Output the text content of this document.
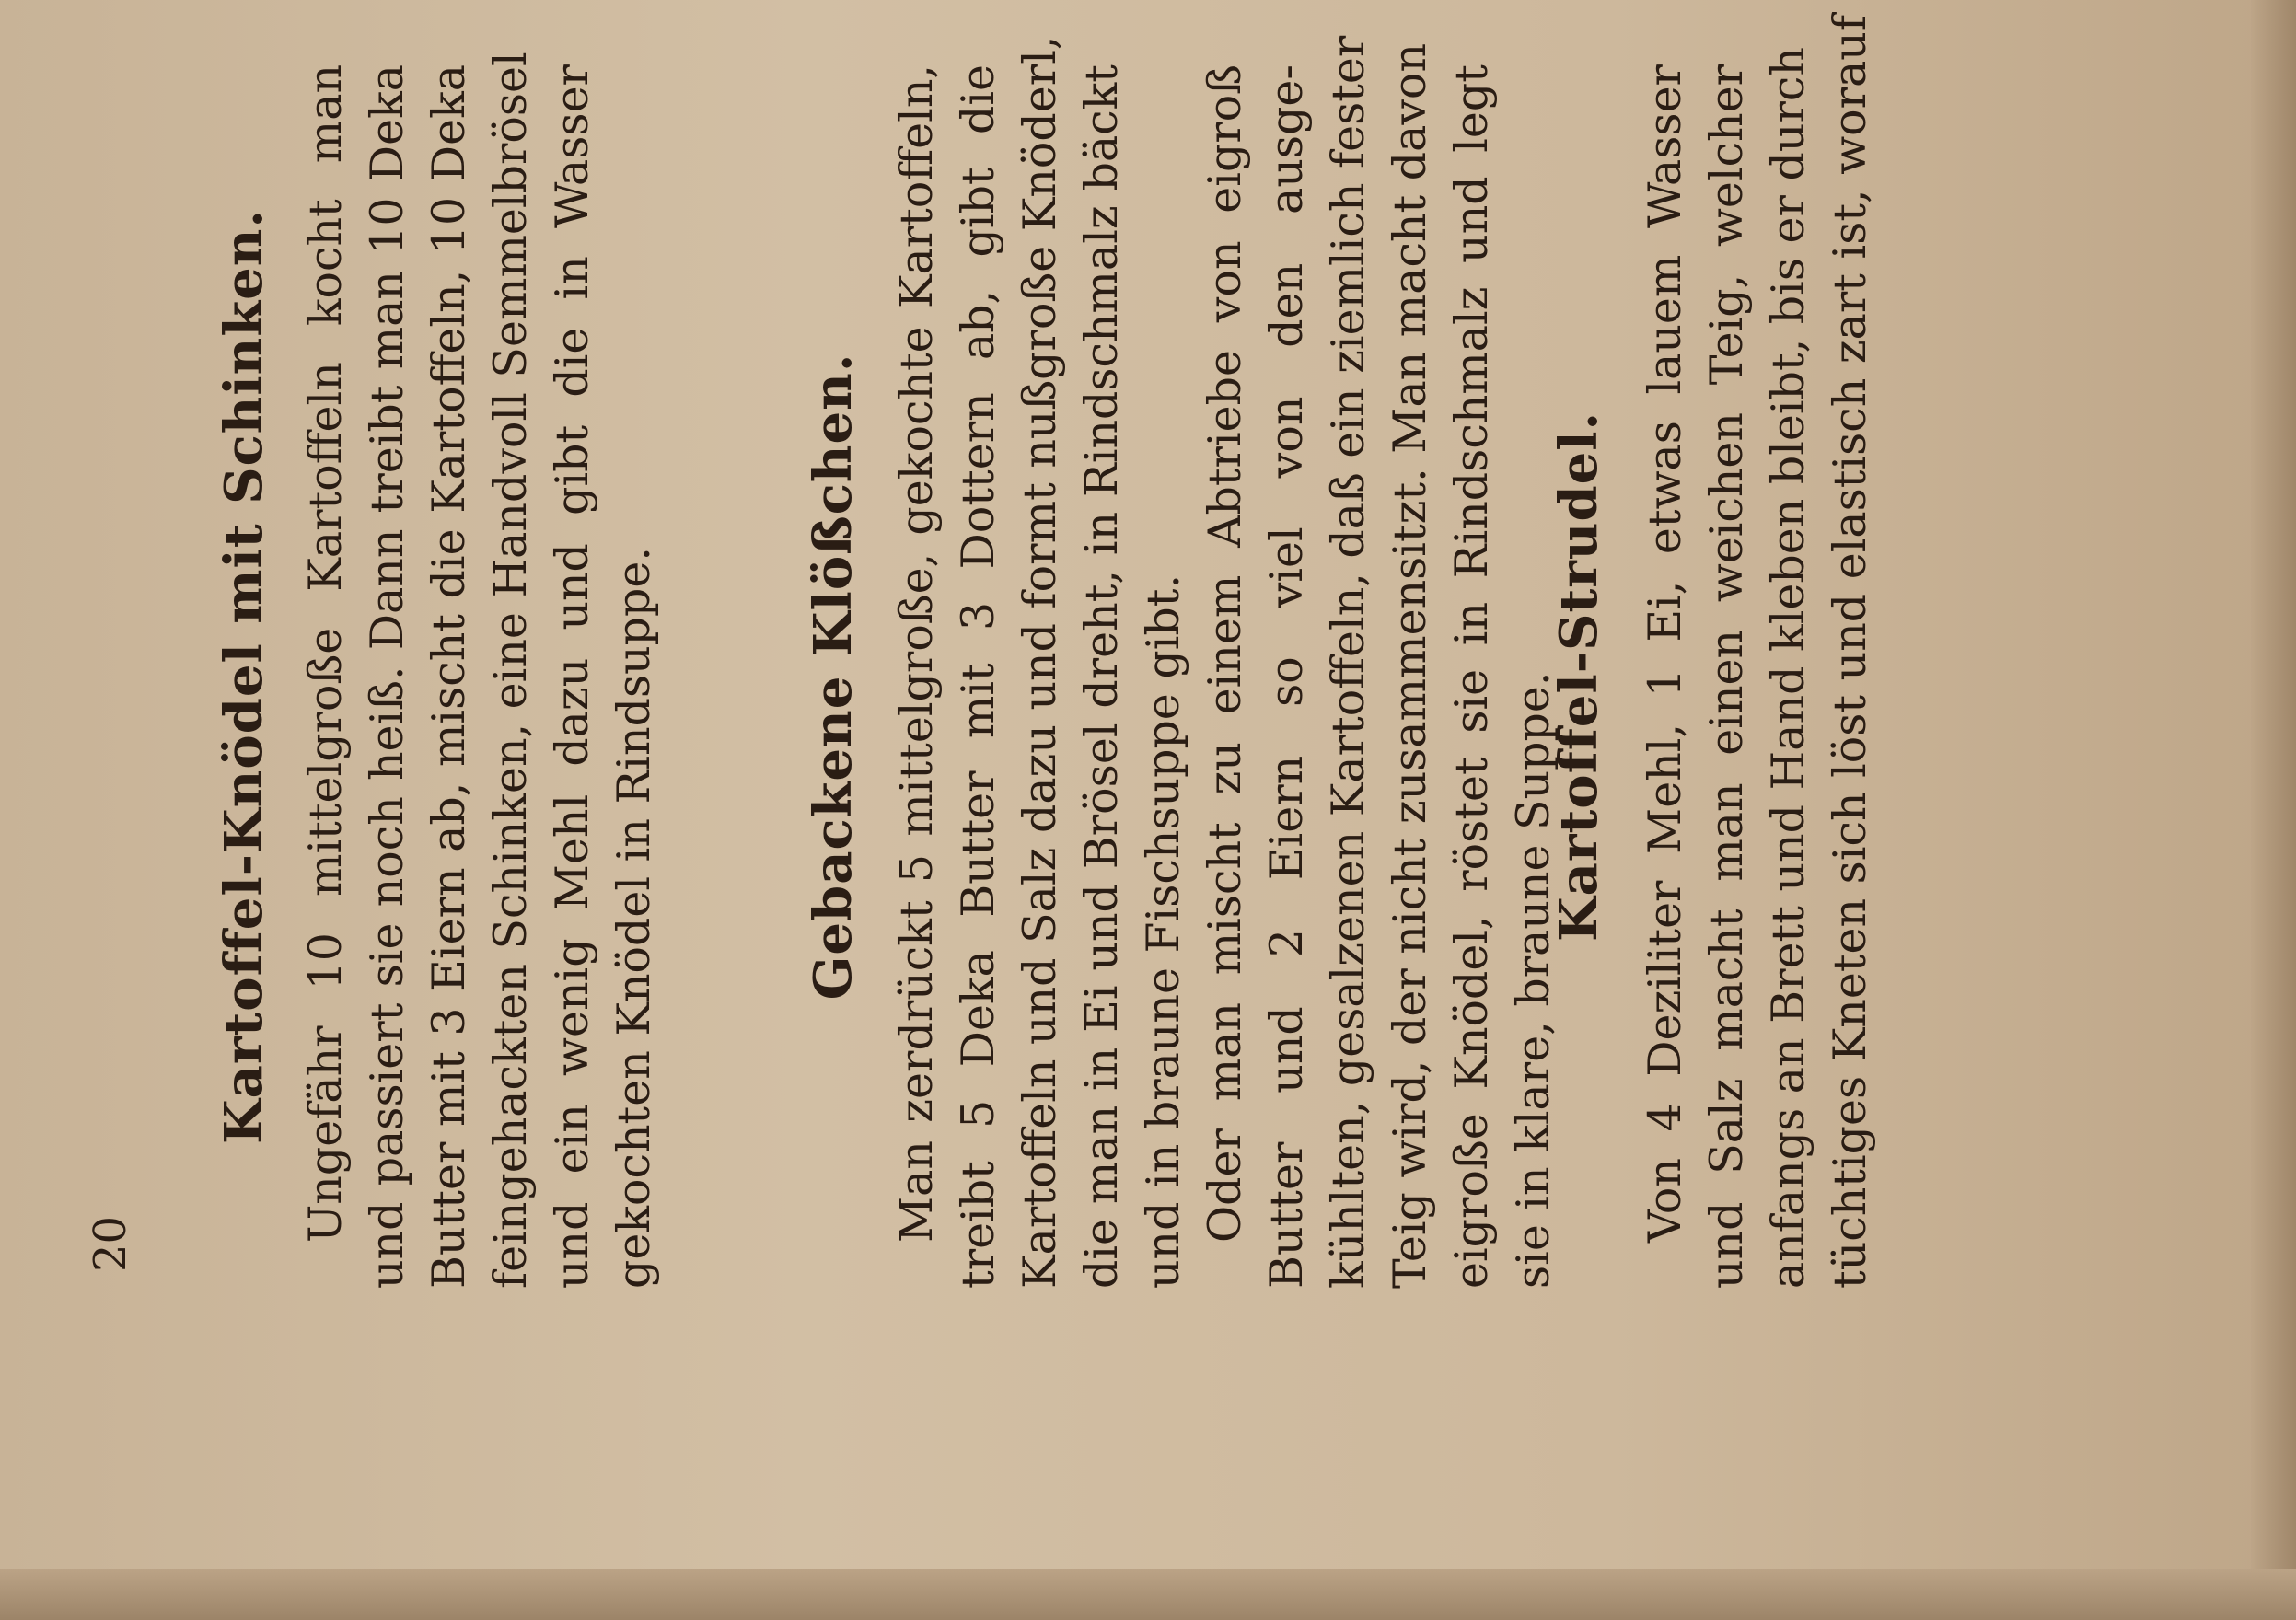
20
Kartoffel-Knödel mit Schinken. Ungefähr 10 mittelgroße Kartoffeln kocht man und passiert sie noch heiß. Dann treibt man 10 Deka Butter mit 3 Eiern ab, mischt die Kartoffeln, 10 Deka feingehackten Schinken, eine Handvoll Semmelbrösel und ein wenig Mehl dazu und gibt die in Wasser gekochten Knödel in Rindsuppe.	Gebackene Klößchen. Man zerdrückt 5 mittelgroße, gekochte Kartoffeln, treibt 5 Deka Butter mit 3 Dottern ab, gibt die Kartoffeln und Salz dazu und formt nußgroße Knöderl, die man in Ei und Brösel dreht, in Rindschmalz bäckt und in braune Fischsuppe gibt. Oder man mischt zu einem Abtriebe von eigroß Butter und 2 Eiern so viel von den ausge- kühlten, gesalzenen Kartoffeln, daß ein ziemlich fester Teig wird, der nicht zusammensitzt. Man macht davon eigroße Knödel, röstet sie in Rindschmalz und legt sie in klare, braune Suppe.
Kartoffel-Strudel. Von 4 Deziliter Mehl, 1 Ei, etwas lauem Wasser und Salz macht man einen weichen Teig, welcher anfangs an Brett und Hand kleben bleibt, bis er durch tüchtiges Kneten sich löst und elastisch zart ist, worauf
